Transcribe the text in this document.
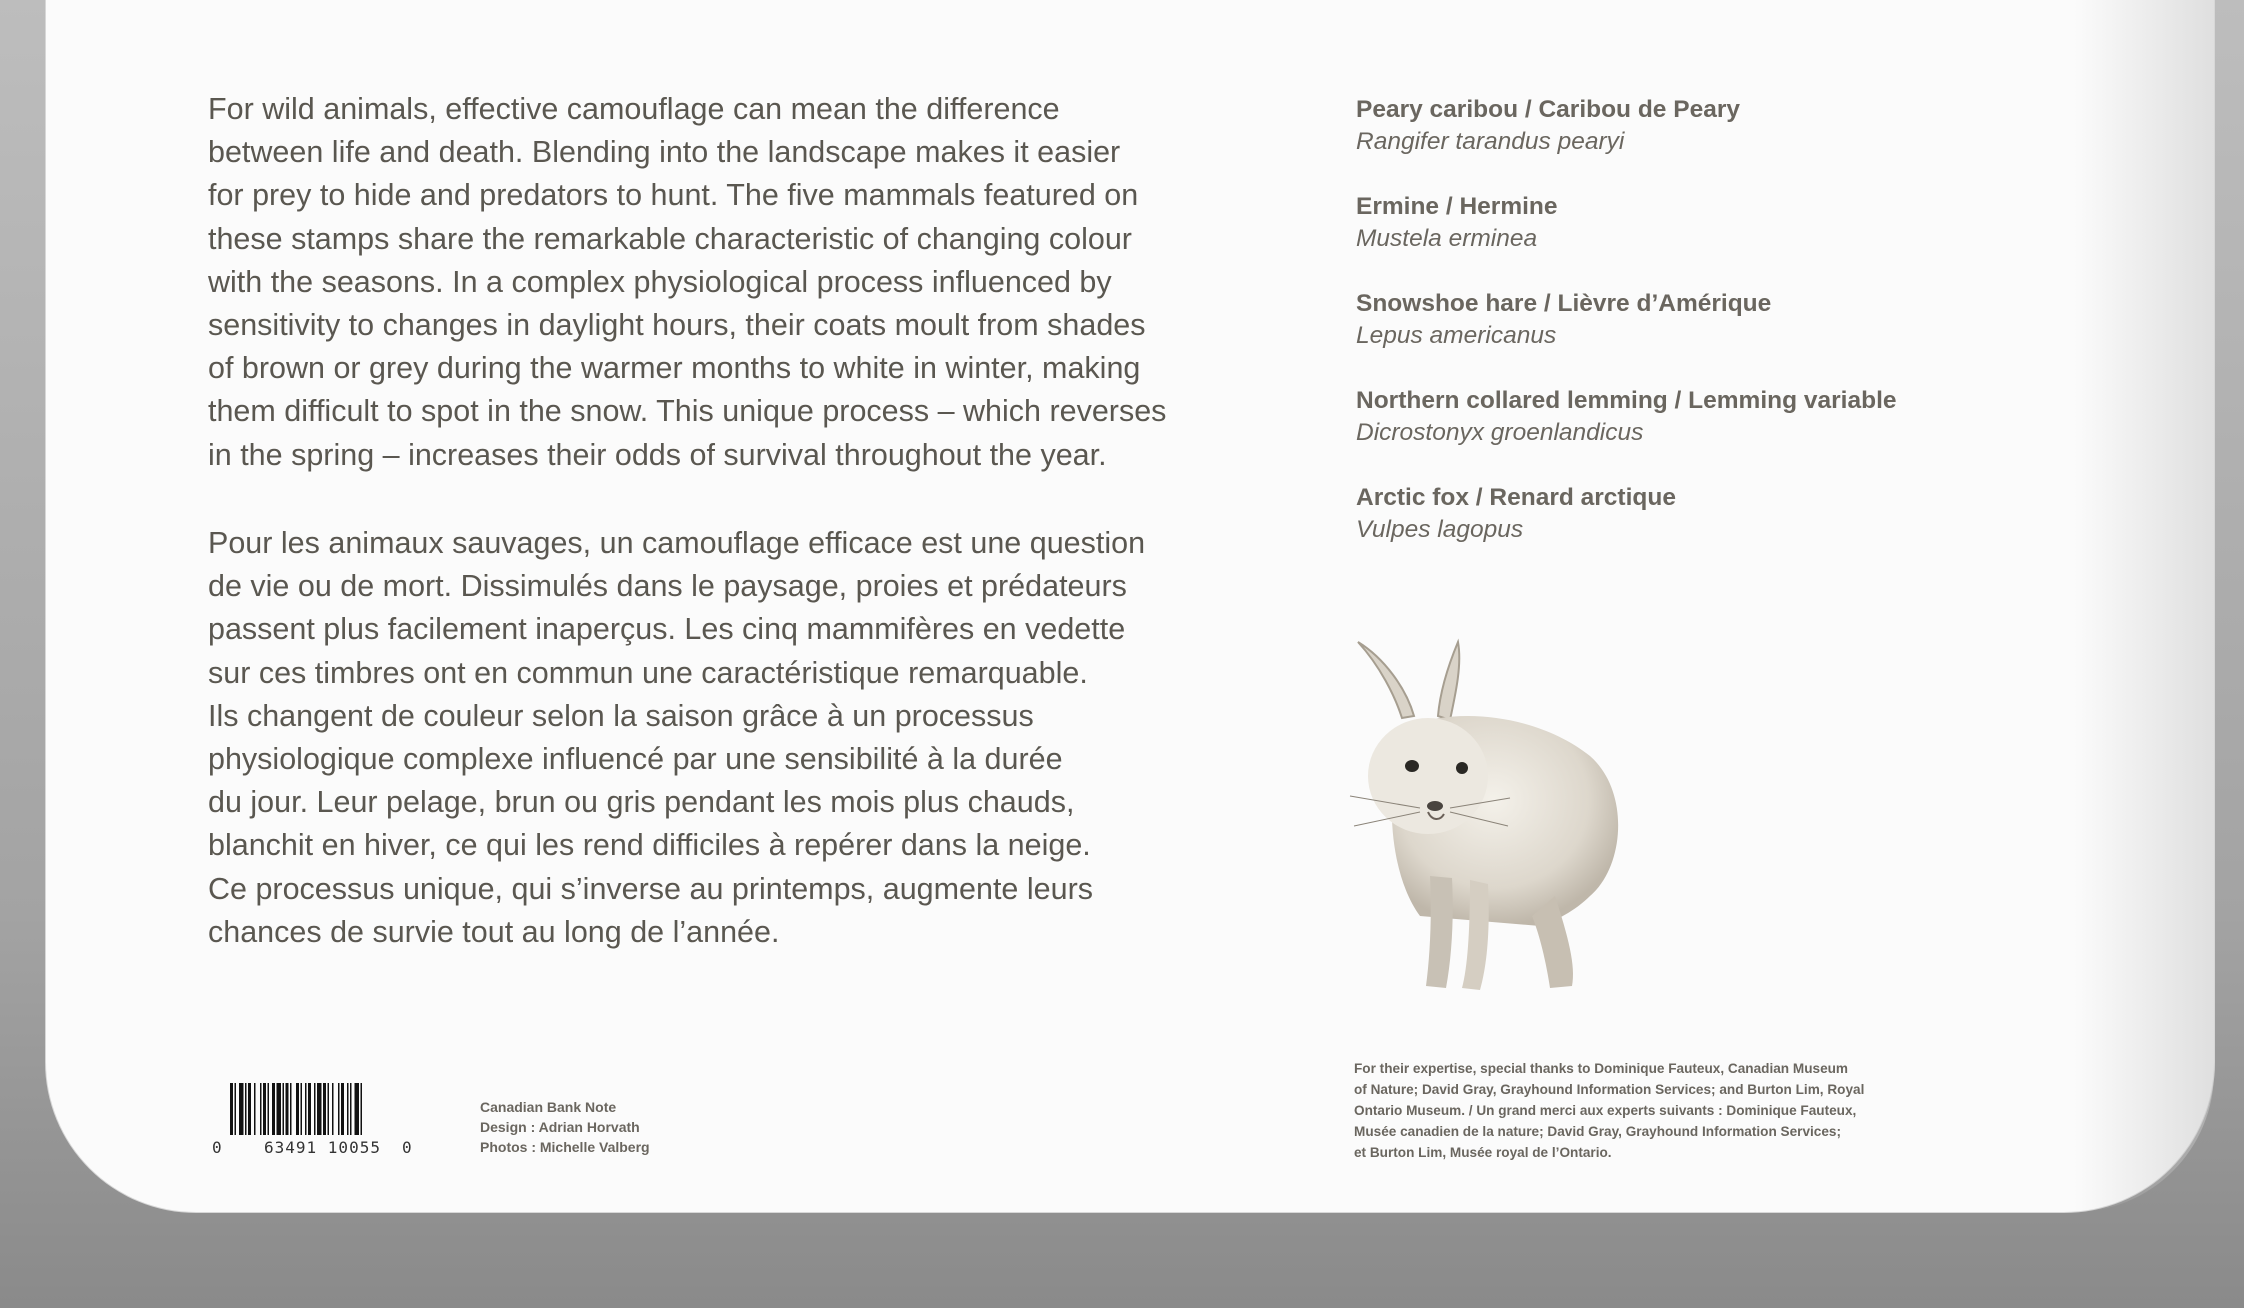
For wild animals, effective camouflage can mean the difference
between life and death. Blending into the landscape makes it easier
for prey to hide and predators to hunt. The five mammals featured on
these stamps share the remarkable characteristic of changing colour
with the seasons. In a complex physiological process influenced by
sensitivity to changes in daylight hours, their coats moult from shades
of brown or grey during the warmer months to white in winter, making
them difficult to spot in the snow. This unique process – which reverses
in the spring – increases their odds of survival throughout the year.
Pour les animaux sauvages, un camouflage efficace est une question
de vie ou de mort. Dissimulés dans le paysage, proies et prédateurs
passent plus facilement inaperçus. Les cinq mammifères en vedette
sur ces timbres ont en commun une caractéristique remarquable.
Ils changent de couleur selon la saison grâce à un processus
physiologique complexe influencé par une sensibilité à la durée
du jour. Leur pelage, brun ou gris pendant les mois plus chauds,
blanchit en hiver, ce qui les rend difficiles à repérer dans la neige.
Ce processus unique, qui s’inverse au printemps, augmente leurs
chances de survie tout au long de l’année.
Peary caribou / Caribou de Peary
Rangifer tarandus pearyi
Ermine / Hermine
Mustela erminea
Snowshoe hare / Lièvre d’Amérique
Lepus americanus
Northern collared lemming / Lemming variable
Dicrostonyx groenlandicus
Arctic fox / Renard arctique
Vulpes lagopus
For their expertise, special thanks to Dominique Fauteux, Canadian Museum
of Nature; David Gray, Grayhound Information Services; and Burton Lim, Royal
Ontario Museum. / Un grand merci aux experts suivants : Dominique Fauteux,
Musée canadien de la nature; David Gray, Grayhound Information Services;
et Burton Lim, Musée royal de l’Ontario.
0	63491 10055 0
Canadian Bank Note
Design : Adrian Horvath
Photos : Michelle Valberg
